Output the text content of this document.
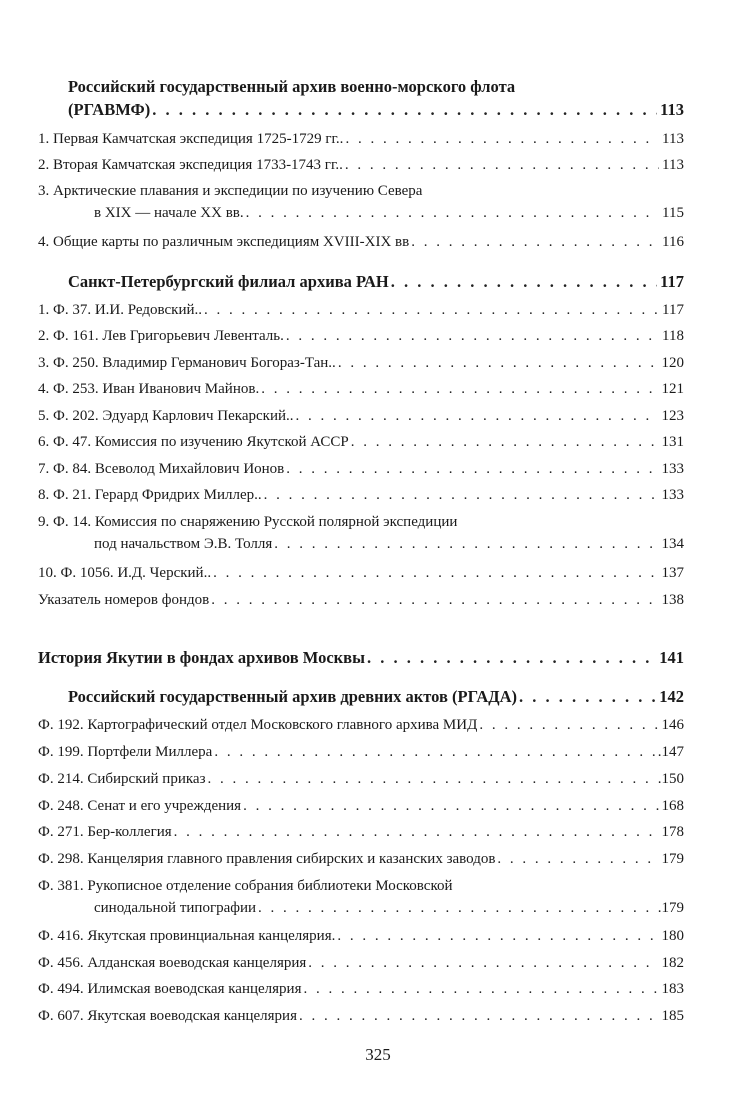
Российский государственный архив военно-морского флота
(РГАВМФ) . . .	113
1. Первая Камчатская экспедиция 1725-1729 гг.. . . .	113
2. Вторая Камчатская экспедиция 1733-1743 гг.. . . .	113
3. Арктические плавания и экспедиции по изучению Севера
в XIX — начале XX вв. . . .	115
4. Общие карты по различным экспедициям XVIII-XIX вв . . .	116
Санкт-Петербургский филиал архива РАН . . .	117
1. Ф. 37. И.И. Редовский.. . . .	117
2. Ф. 161. Лев Григорьевич Левенталь. . . .	118
3. Ф. 250. Владимир Германович Богораз-Тан.. . . .	120
4. Ф. 253. Иван Иванович Майнов. . . .	121
5. Ф. 202. Эдуард Карлович Пекарский.. . . .	123
6. Ф. 47. Комиссия по изучению Якутской АССР . . .	131
7. Ф. 84. Всеволод Михайлович Ионов . . .	133
8. Ф. 21. Герард Фридрих Миллер.. . . .	133
9. Ф. 14. Комиссия по снаряжению Русской полярной экспедиции
под начальством Э.В. Толля . . .	134
10. Ф. 1056. И.Д. Черский.. . . .	137
Указатель номеров фондов . . .	138
История Якутии в фондах архивов Москвы . . .	141
Российский государственный архив древних актов (РГАДА) . . .	142
Ф. 192. Картографический отдел Московского главного архива МИД . . .	146
Ф. 199. Портфели Миллера . . .	.147
Ф. 214. Сибирский приказ . . .	.150
Ф. 248. Сенат и его учреждения . . .	168
Ф. 271. Бер-коллегия . . .	178
Ф. 298. Канцелярия главного правления сибирских и казанских заводов . . .	179
Ф. 381. Рукописное отделение собрания библиотеки Московской
синодальной типографии . . .	.179
Ф. 416. Якутская провинциальная канцелярия. . . .	180
Ф. 456. Алданская воеводская канцелярия . . .	182
Ф. 494. Илимская воеводская канцелярия . . .	183
Ф. 607. Якутская воеводская канцелярия . . .	185
325
